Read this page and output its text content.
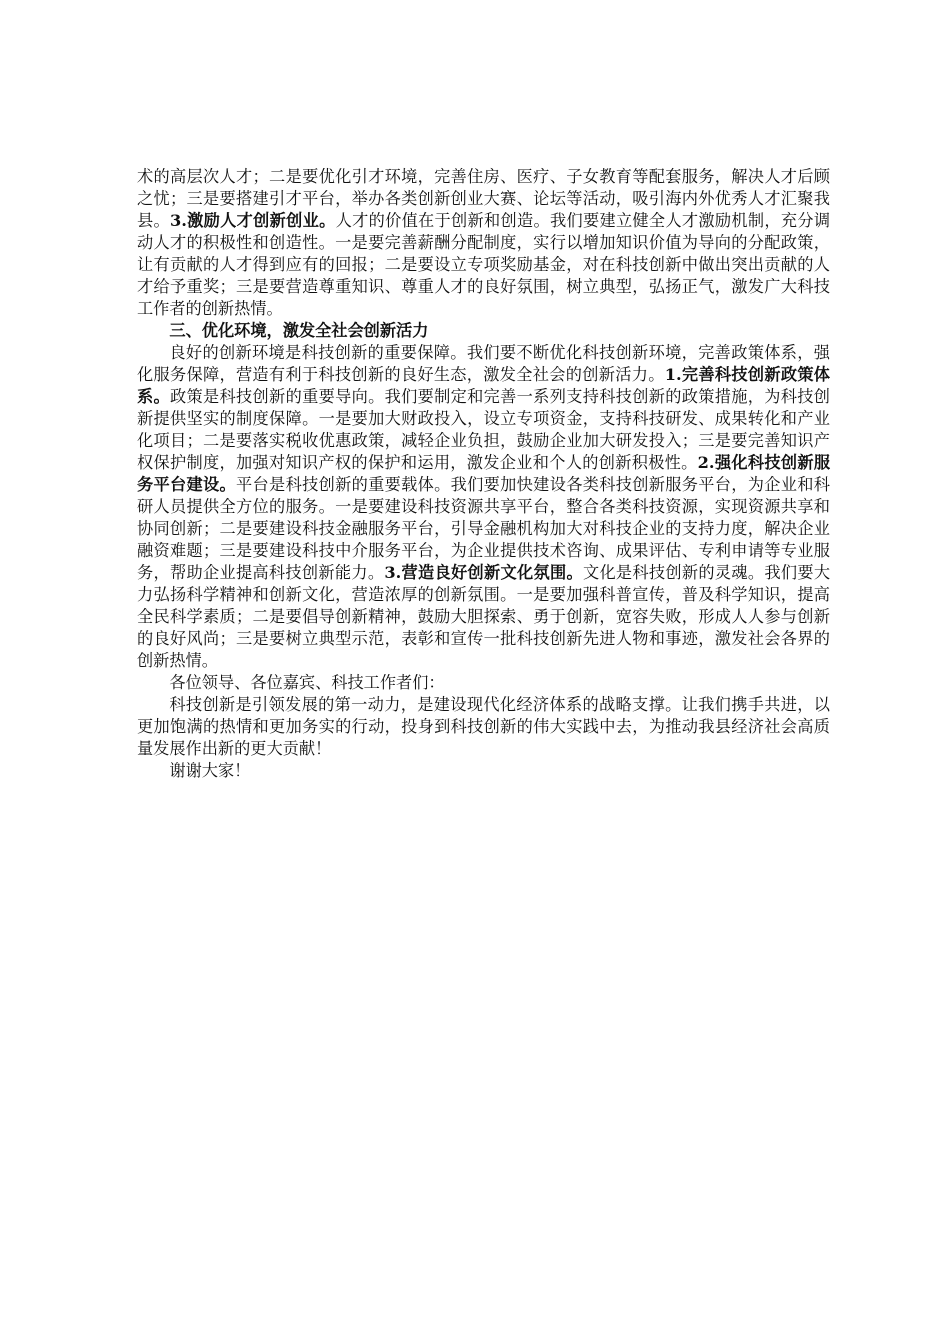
术的高层次人才；二是要优化引才环境，完善住房、医疗、子女教育等配套服务，解决人才后顾之忧；三是要搭建引才平台，举办各类创新创业大赛、论坛等活动，吸引海内外优秀人才汇聚我县。3.激励人才创新创业。人才的价值在于创新和创造。我们要建立健全人才激励机制，充分调动人才的积极性和创造性。一是要完善薪酬分配制度，实行以增加知识价值为导向的分配政策，让有贡献的人才得到应有的回报；二是要设立专项奖励基金，对在科技创新中做出突出贡献的人才给予重奖；三是要营造尊重知识、尊重人才的良好氛围，树立典型，弘扬正气，激发广大科技工作者的创新热情。

三、优化环境，激发全社会创新活力

良好的创新环境是科技创新的重要保障。我们要不断优化科技创新环境，完善政策体系，强化服务保障，营造有利于科技创新的良好生态，激发全社会的创新活力。1.完善科技创新政策体系。政策是科技创新的重要导向。我们要制定和完善一系列支持科技创新的政策措施，为科技创新提供坚实的制度保障。一是要加大财政投入，设立专项资金，支持科技研发、成果转化和产业化项目；二是要落实税收优惠政策，减轻企业负担，鼓励企业加大研发投入；三是要完善知识产权保护制度，加强对知识产权的保护和运用，激发企业和个人的创新积极性。2.强化科技创新服务平台建设。平台是科技创新的重要载体。我们要加快建设各类科技创新服务平台，为企业和科研人员提供全方位的服务。一是要建设科技资源共享平台，整合各类科技资源，实现资源共享和协同创新；二是要建设科技金融服务平台，引导金融机构加大对科技企业的支持力度，解决企业融资难题；三是要建设科技中介服务平台，为企业提供技术咨询、成果评估、专利申请等专业服务，帮助企业提高科技创新能力。3.营造良好创新文化氛围。文化是科技创新的灵魂。我们要大力弘扬科学精神和创新文化，营造浓厚的创新氛围。一是要加强科普宣传，普及科学知识，提高全民科学素质；二是要倡导创新精神，鼓励大胆探索、勇于创新，宽容失败，形成人人参与创新的良好风尚；三是要树立典型示范，表彰和宣传一批科技创新先进人物和事迹，激发社会各界的创新热情。

各位领导、各位嘉宾、科技工作者们：

科技创新是引领发展的第一动力，是建设现代化经济体系的战略支撑。让我们携手共进，以更加饱满的热情和更加务实的行动，投身到科技创新的伟大实践中去，为推动我县经济社会高质量发展作出新的更大贡献！

谢谢大家！
